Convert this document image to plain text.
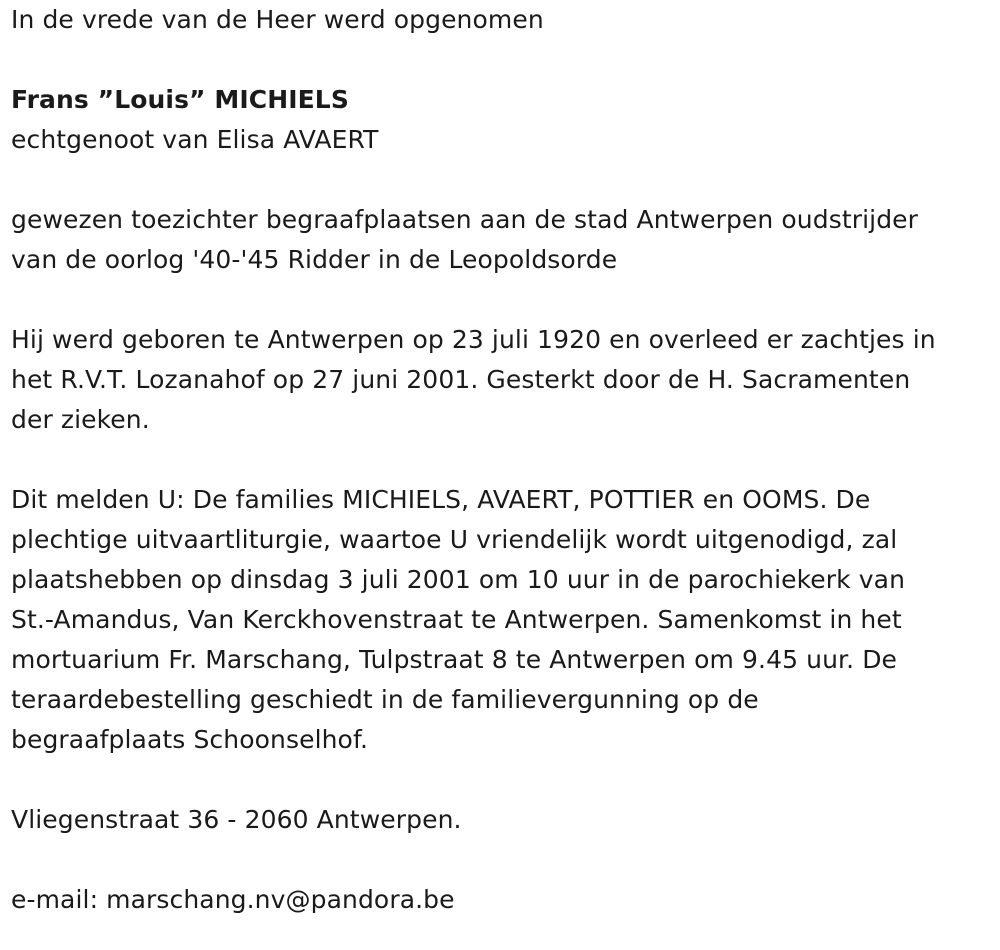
In de vrede van de Heer werd opgenomen

Frans ”Louis” MICHIELS

echtgenoot van Elisa AVAERT

gewezen toezichter begraafplaatsen aan de stad Antwerpen oudstrijder
van de oorlog '40-'45 Ridder in de Leopoldsorde

Hij werd geboren te Antwerpen op 23 juli 1920 en overleed er zachtjes in
het R.V.T. Lozanahof op 27 juni 2001. Gesterkt door de H. Sacramenten
der zieken.

Dit melden U: De families MICHIELS, AVAERT, POTTIER en OOMS. De
plechtige uitvaartliturgie, waartoe U vriendelijk wordt uitgenodigd, zal
plaatshebben op dinsdag 3 juli 2001 om 10 uur in de parochiekerk van
St.-Amandus, Van Kerckhovenstraat te Antwerpen. Samenkomst in het
mortuarium Fr. Marschang, Tulpstraat 8 te Antwerpen om 9.45 uur. De
teraardebestelling geschiedt in de familievergunning op de
begraafplaats Schoonselhof.

Vliegenstraat 36 - 2060 Antwerpen.

e-mail: marschang.nv@pandora.be
